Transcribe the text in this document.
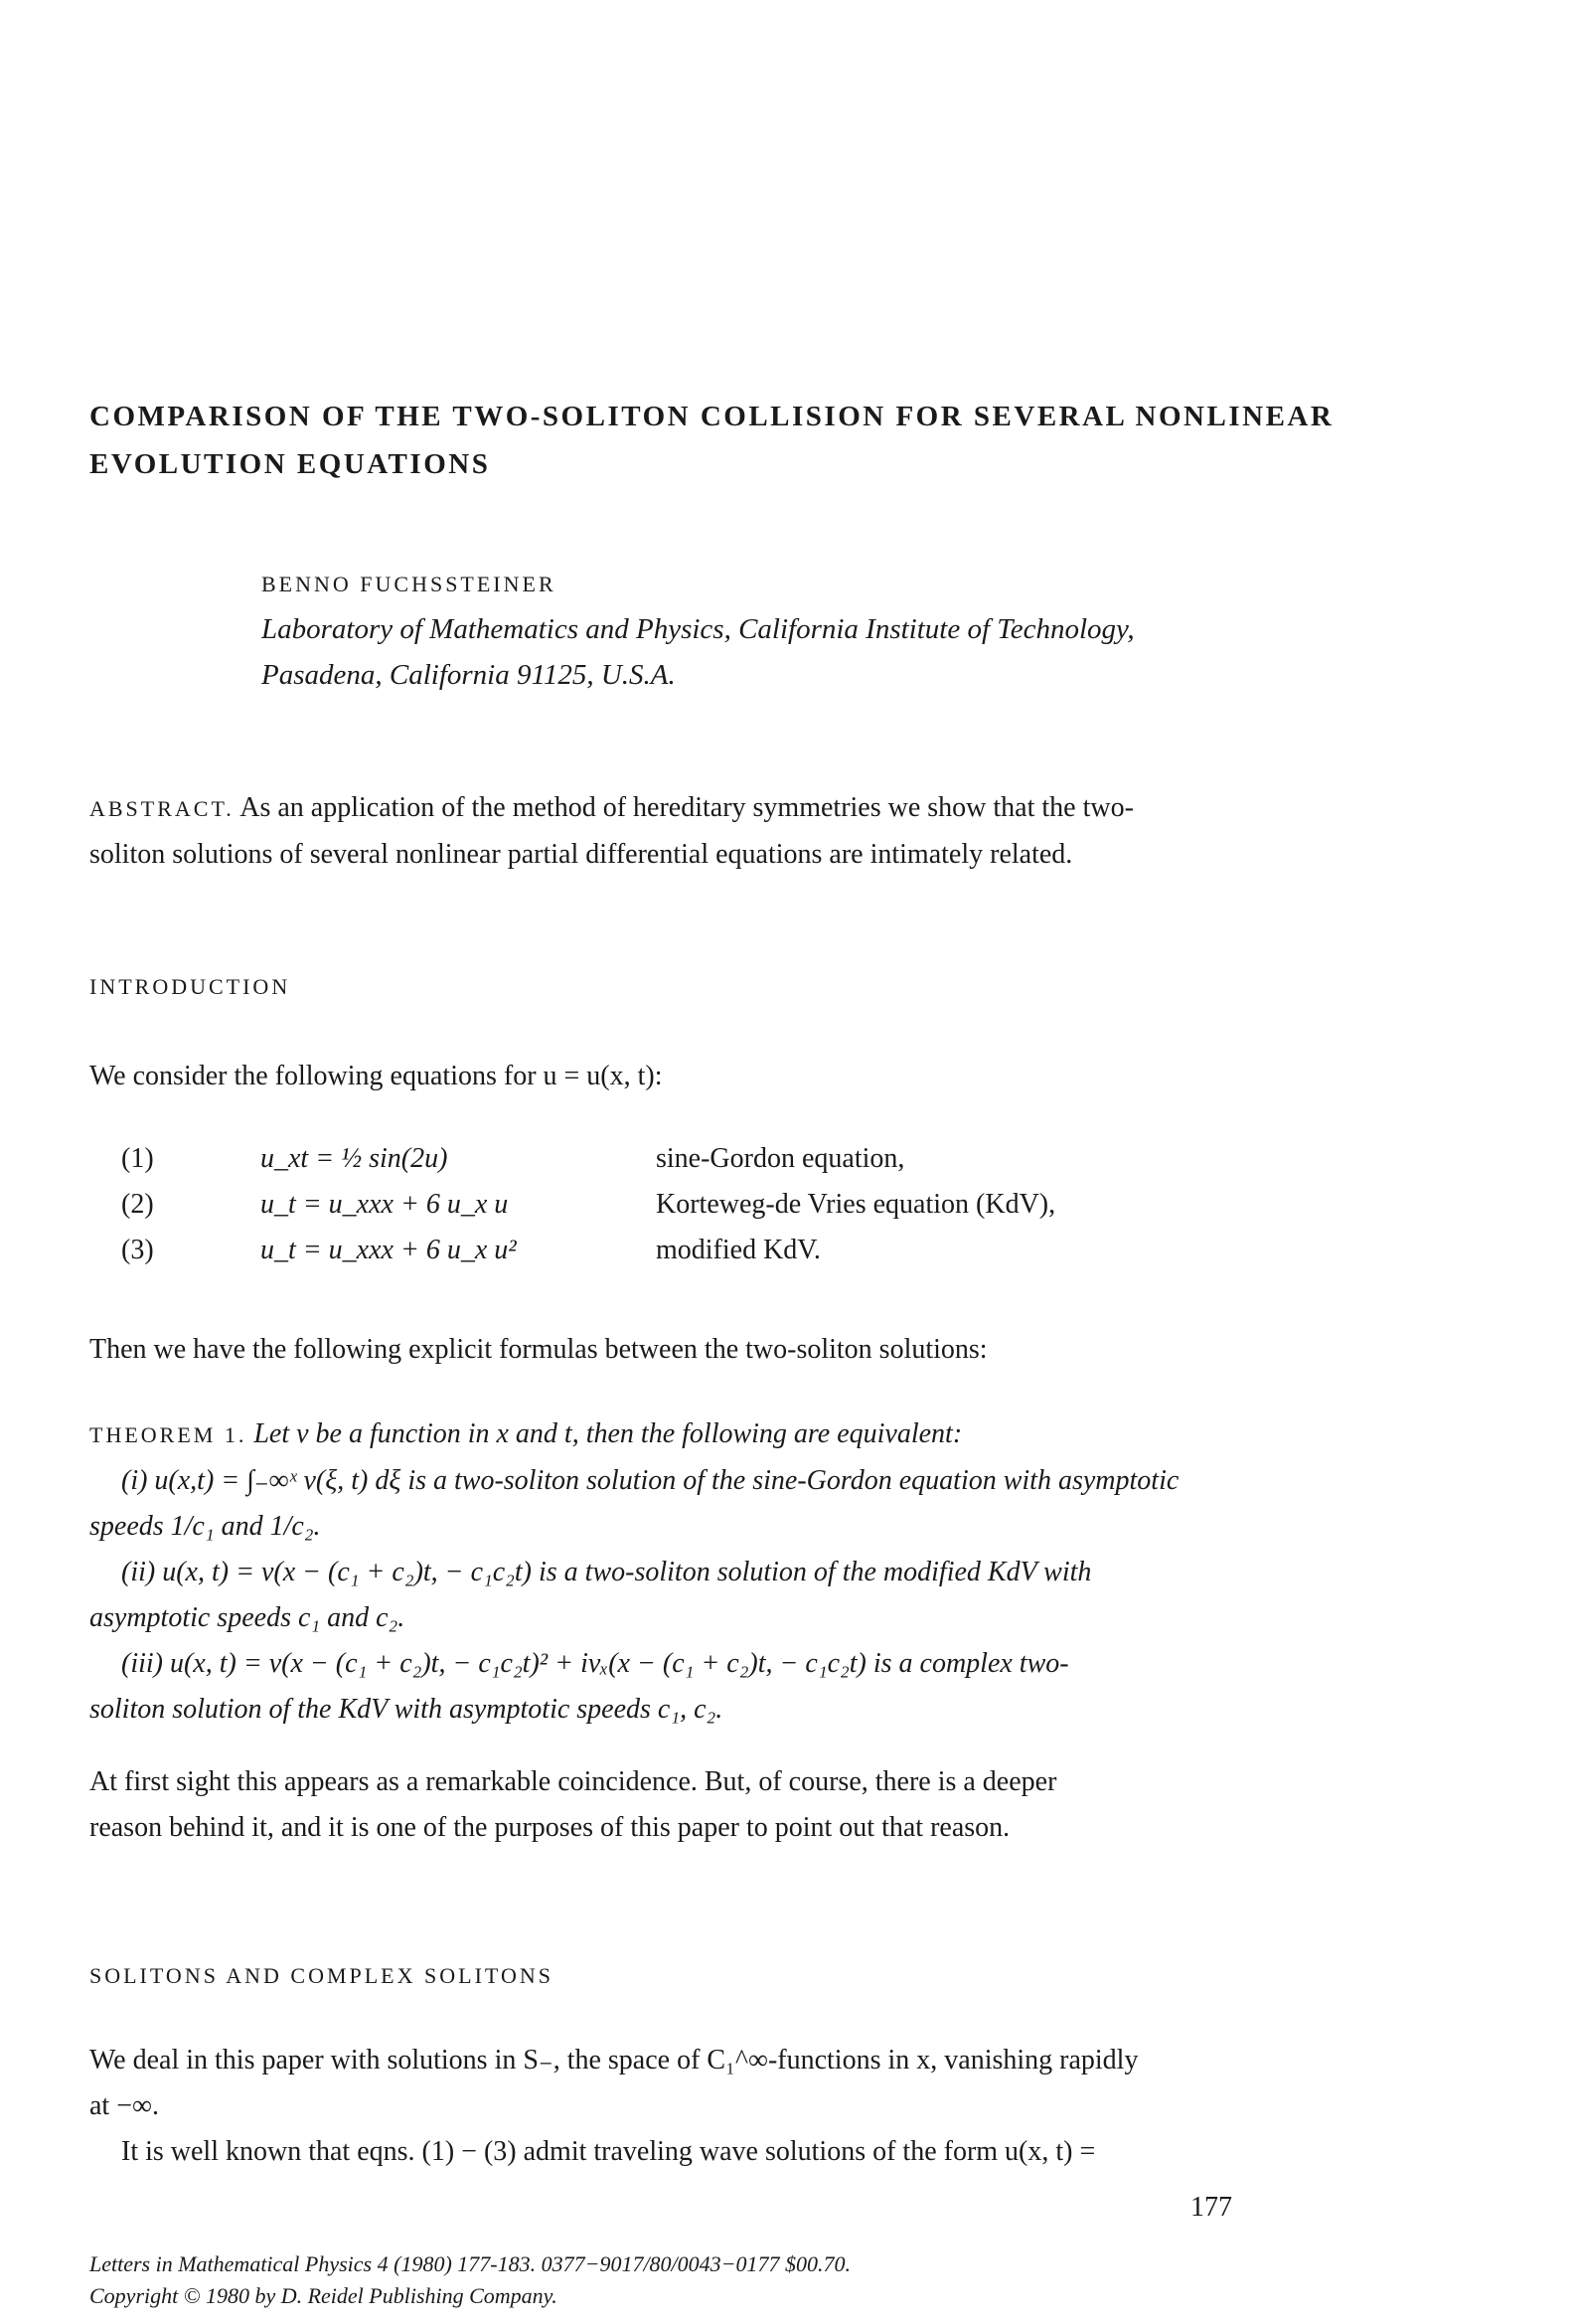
COMPARISON OF THE TWO-SOLITON COLLISION FOR SEVERAL NONLINEAR
EVOLUTION EQUATIONS
BENNO FUCHSSTEINER
Laboratory of Mathematics and Physics, California Institute of Technology,
Pasadena, California 91125, U.S.A.
ABSTRACT. As an application of the method of hereditary symmetries we show that the two-
soliton solutions of several nonlinear partial differential equations are intimately related.
INTRODUCTION
We consider the following equations for u = u(x, t):
(1)	u_xt = ½ sin(2u)	sine-Gordon equation,
(2)	u_t = u_xxx + 6 u_x u	Korteweg-de Vries equation (KdV),
(3)	u_t = u_xxx + 6 u_x u²	modified KdV.
Then we have the following explicit formulas between the two-soliton solutions:
THEOREM 1. Let v be a function in x and t, then the following are equivalent:
(i) u(x,t) = ∫₋∞ˣ v(ξ, t) dξ is a two-soliton solution of the sine-Gordon equation with asymptotic
speeds 1/c₁ and 1/c₂.
(ii) u(x, t) = v(x − (c₁ + c₂)t, − c₁c₂t) is a two-soliton solution of the modified KdV with
asymptotic speeds c₁ and c₂.
(iii) u(x, t) = v(x − (c₁ + c₂)t, − c₁c₂t)² + ivₓ(x − (c₁ + c₂)t, − c₁c₂t) is a complex two-
soliton solution of the KdV with asymptotic speeds c₁, c₂.
At first sight this appears as a remarkable coincidence. But, of course, there is a deeper
reason behind it, and it is one of the purposes of this paper to point out that reason.
SOLITONS AND COMPLEX SOLITONS
We deal in this paper with solutions in S₋, the space of C₁^∞-functions in x, vanishing rapidly
at −∞.
It is well known that eqns. (1) − (3) admit traveling wave solutions of the form u(x, t) =
177
Letters in Mathematical Physics 4 (1980) 177-183. 0377−9017/80/0043−0177 $00.70.
Copyright © 1980 by D. Reidel Publishing Company.
